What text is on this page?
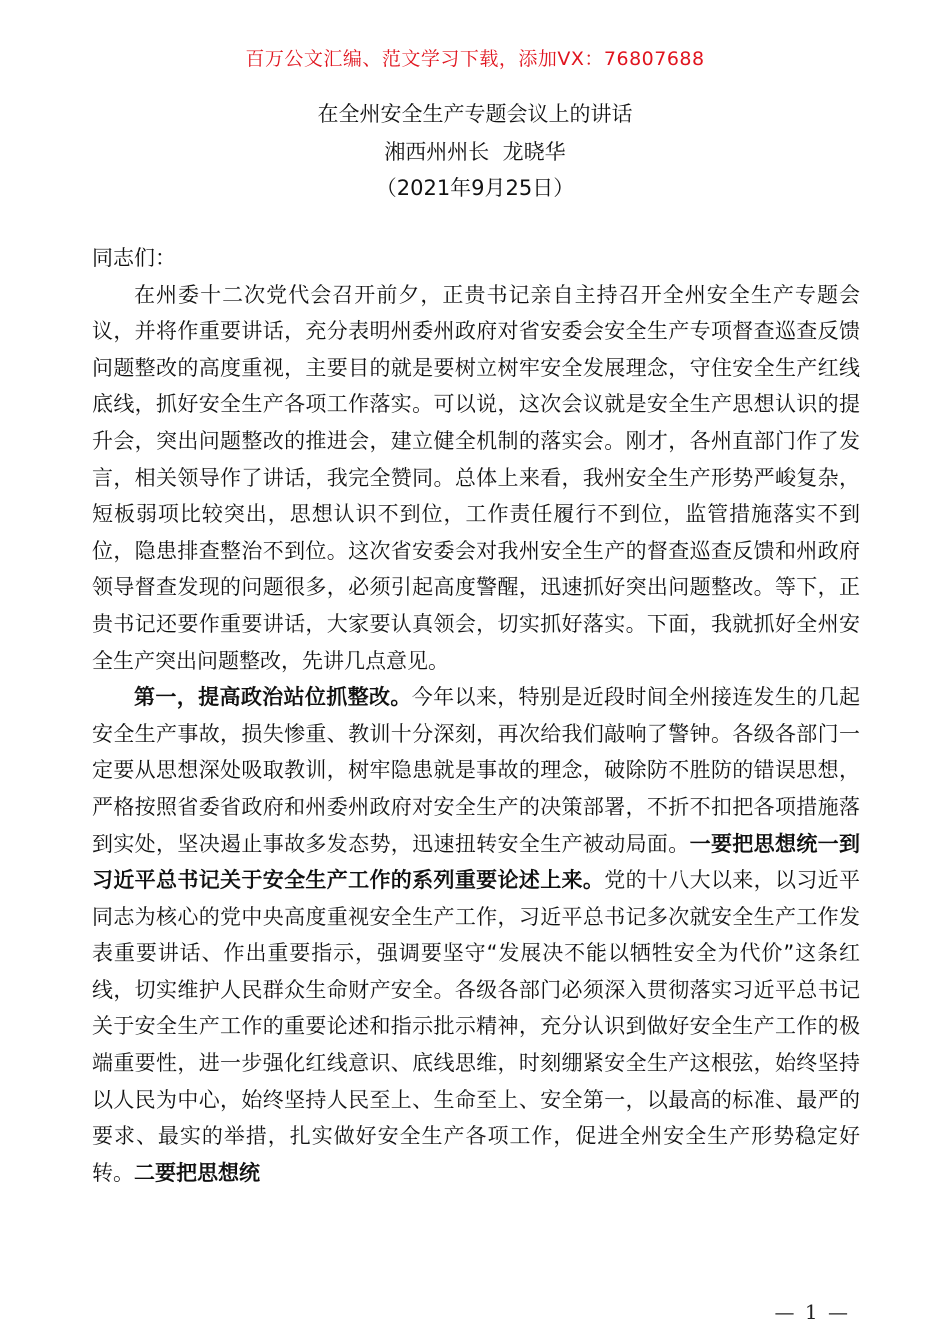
百万公文汇编、范文学习下载，添加VX：76807688
在全州安全生产专题会议上的讲话
湘西州州长  龙晓华
（2021年9月25日）

同志们：

在州委十二次党代会召开前夕，正贵书记亲自主持召开全州安全生产专题会议，并将作重要讲话，充分表明州委州政府对省安委会安全生产专项督查巡查反馈问题整改的高度重视，主要目的就是要树立树牢安全发展理念，守住安全生产红线底线，抓好安全生产各项工作落实。可以说，这次会议就是安全生产思想认识的提升会，突出问题整改的推进会，建立健全机制的落实会。刚才，各州直部门作了发言，相关领导作了讲话，我完全赞同。总体上来看，我州安全生产形势严峻复杂，短板弱项比较突出，思想认识不到位，工作责任履行不到位，监管措施落实不到位，隐患排查整治不到位。这次省安委会对我州安全生产的督查巡查反馈和州政府领导督查发现的问题很多，必须引起高度警醒，迅速抓好突出问题整改。等下，正贵书记还要作重要讲话，大家要认真领会，切实抓好落实。下面，我就抓好全州安全生产突出问题整改，先讲几点意见。

第一，提高政治站位抓整改。今年以来，特别是近段时间全州接连发生的几起安全生产事故，损失惨重、教训十分深刻，再次给我们敲响了警钟。各级各部门一定要从思想深处吸取教训，树牢隐患就是事故的理念，破除防不胜防的错误思想，严格按照省委省政府和州委州政府对安全生产的决策部署，不折不扣把各项措施落到实处，坚决遏止事故多发态势，迅速扭转安全生产被动局面。一要把思想统一到习近平总书记关于安全生产工作的系列重要论述上来。党的十八大以来，以习近平同志为核心的党中央高度重视安全生产工作，习近平总书记多次就安全生产工作发表重要讲话、作出重要指示，强调要坚守“发展决不能以牺牲安全为代价”这条红线，切实维护人民群众生命财产安全。各级各部门必须深入贯彻落实习近平总书记关于安全生产工作的重要论述和指示批示精神，充分认识到做好安全生产工作的极端重要性，进一步强化红线意识、底线思维，时刻绷紧安全生产这根弦，始终坚持以人民为中心，始终坚持人民至上、生命至上、安全第一，以最高的标准、最严的要求、最实的举措，扎实做好安全生产各项工作，促进全州安全生产形势稳定好转。二要把思想统

— 1 —
